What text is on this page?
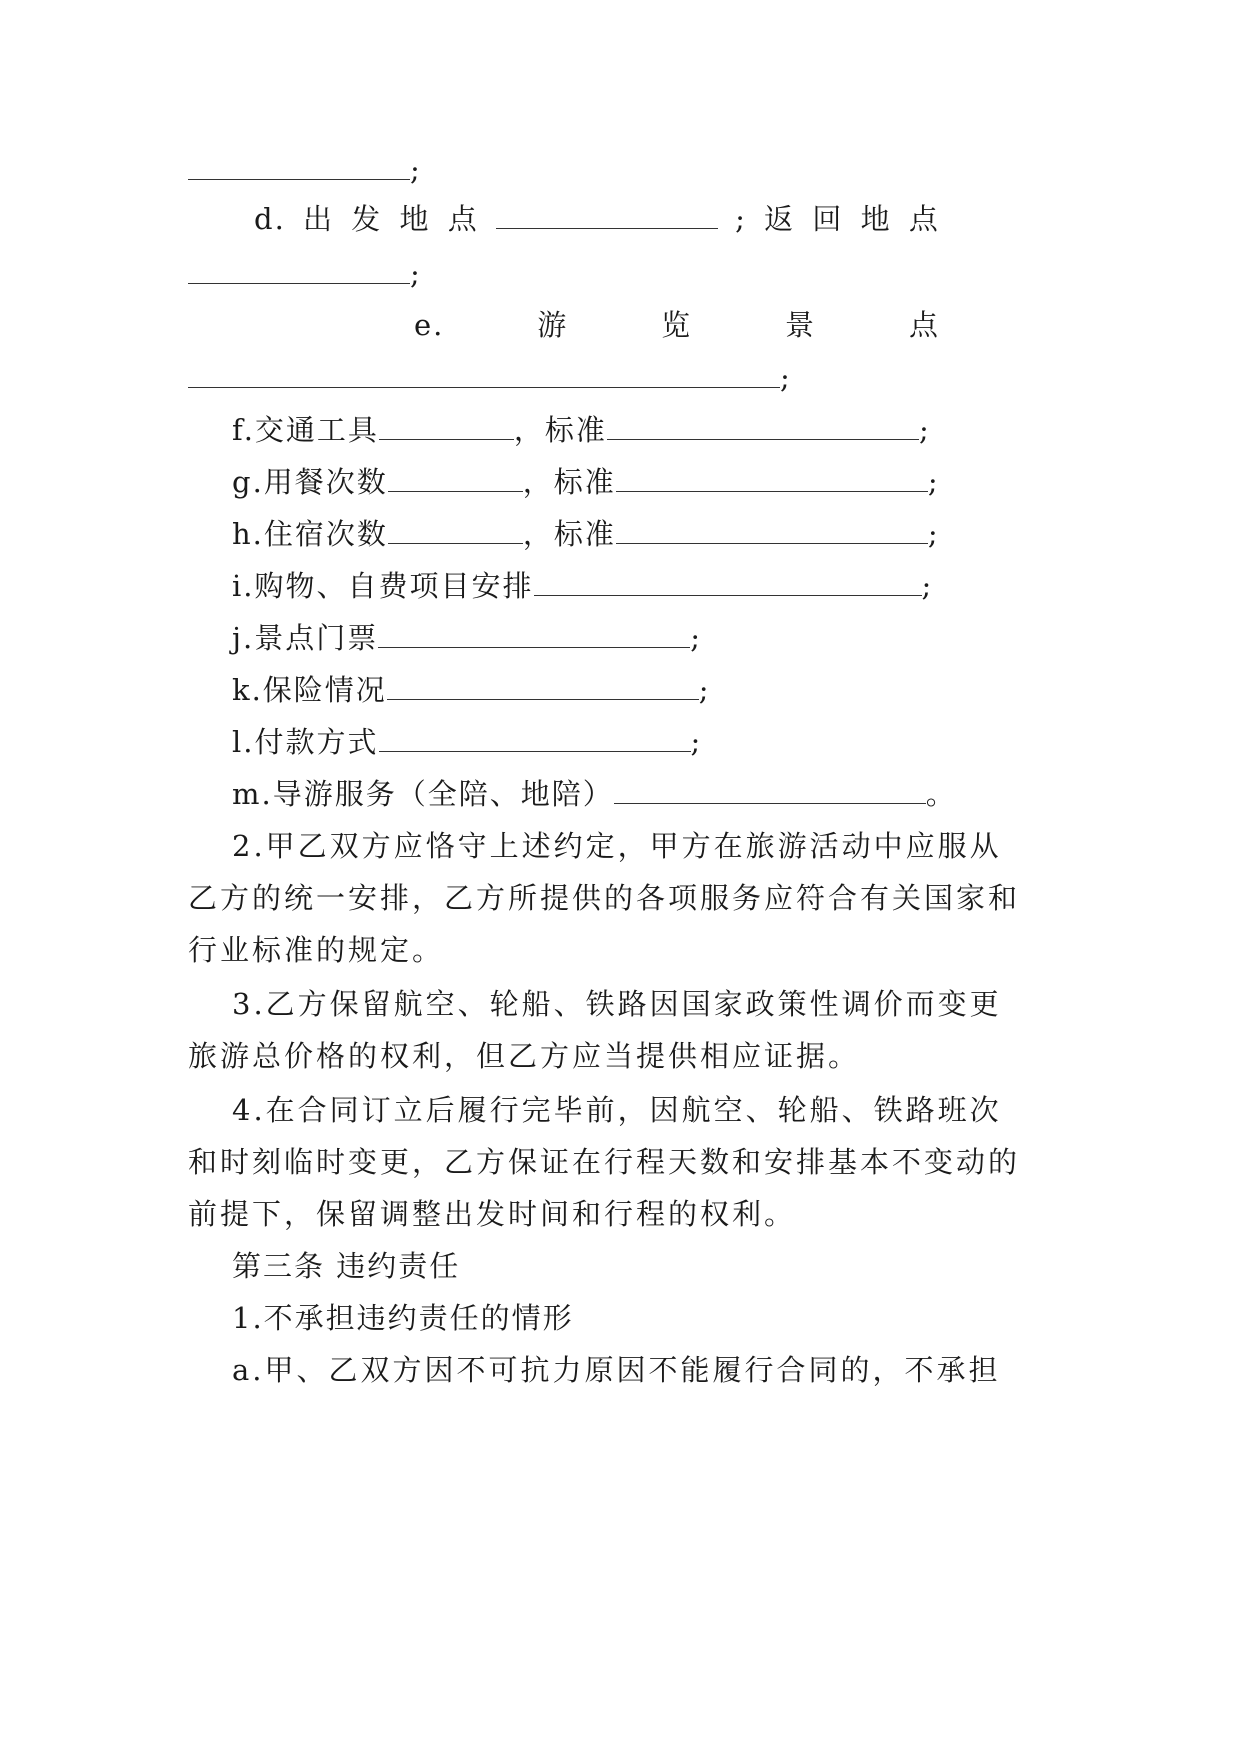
;
d. 出 发 地 点	; 返 回 地 点
;
e.	游	览	景	点
;
f.交通工具	，标准	;
g.用餐次数	，标准	;
h.住宿次数	，标准	;
i.购物、自费项目安排	;
j.景点门票	;
k.保险情况	;
l.付款方式	;
m.导游服务（全陪、地陪）	。
2.甲乙双方应恪守上述约定，甲方在旅游活动中应服从
乙方的统一安排，乙方所提供的各项服务应符合有关国家和
行业标准的规定。
3.乙方保留航空、轮船、铁路因国家政策性调价而变更
旅游总价格的权利，但乙方应当提供相应证据。
4.在合同订立后履行完毕前，因航空、轮船、铁路班次
和时刻临时变更，乙方保证在行程天数和安排基本不变动的
前提下，保留调整出发时间和行程的权利。
第三条 违约责任
1.不承担违约责任的情形
a.甲、乙双方因不可抗力原因不能履行合同的，不承担
